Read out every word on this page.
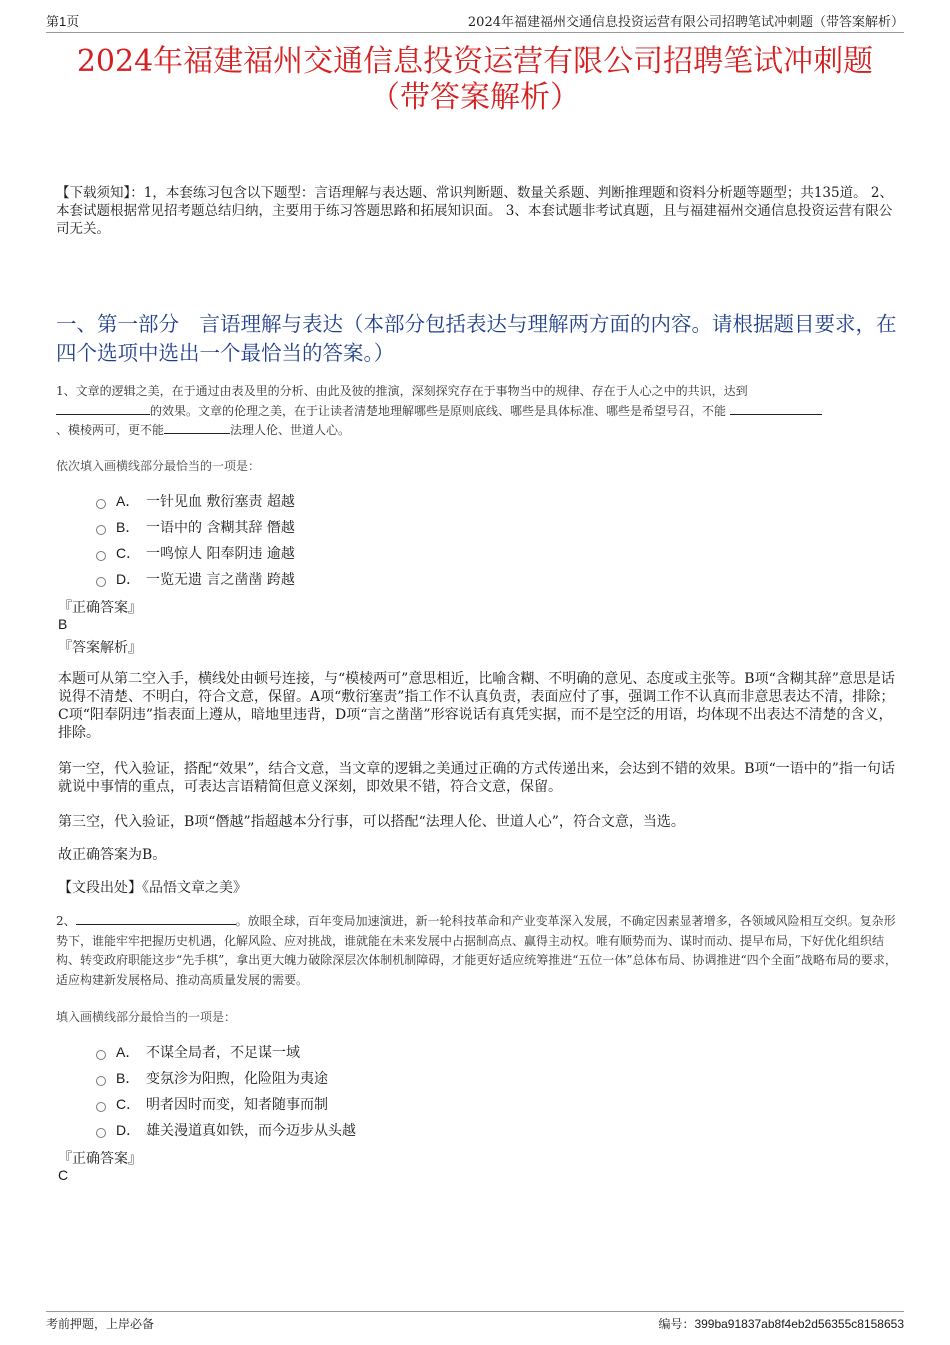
第1页	2024年福建福州交通信息投资运营有限公司招聘笔试冲刺题（带答案解析）
2024年福建福州交通信息投资运营有限公司招聘笔试冲刺题
（带答案解析）
【下载须知】：1，本套练习包含以下题型：言语理解与表达题、常识判断题、数量关系题、判断推理题和资料分析题等题型；共135道。 2、本套试题根据常见招考题总结归纳，主要用于练习答题思路和拓展知识面。 3、本套试题非考试真题，且与福建福州交通信息投资运营有限公司无关。
一、第一部分　言语理解与表达（本部分包括表达与理解两方面的内容。请根据题目要求，在四个选项中选出一个最恰当的答案。）
1、文章的逻辑之美，在于通过由表及里的分析、由此及彼的推演，深刻探究存在于事物当中的规律、存在于人心之中的共识，达到
的效果。文章的伦理之美，在于让读者清楚地理解哪些是原则底线、哪些是具体标准、哪些是希望号召，不能
、模棱两可，更不能	法理人伦、世道人心。
依次填入画横线部分最恰当的一项是：
A． 一针见血 敷衍塞责 超越
B． 一语中的 含糊其辞 僭越
C． 一鸣惊人 阳奉阴违 逾越
D． 一览无遗 言之凿凿 跨越
『正确答案』
B
『答案解析』
本题可从第二空入手，横线处由顿号连接，与“模棱两可”意思相近，比喻含糊、不明确的意见、态度或主张等。B项“含糊其辞”意思是话说得不清楚、不明白，符合文意，保留。A项“敷衍塞责”指工作不认真负责，表面应付了事，强调工作不认真而非意思表达不清，排除；C项“阳奉阴违”指表面上遵从，暗地里违背，D项“言之凿凿”形容说话有真凭实据，而不是空泛的用语，均体现不出表达不清楚的含义，排除。
第一空，代入验证，搭配“效果”，结合文意，当文章的逻辑之美通过正确的方式传递出来，会达到不错的效果。B项“一语中的”指一句话就说中事情的重点，可表达言语精简但意义深刻，即效果不错，符合文意，保留。
第三空，代入验证，B项“僭越”指超越本分行事，可以搭配“法理人伦、世道人心”，符合文意，当选。
故正确答案为B。
【文段出处】《品悟文章之美》
2、	。放眼全球，百年变局加速演进，新一轮科技革命和产业变革深入发展，不确定因素显著增多，各领域风险相互交织。复杂形势下，谁能牢牢把握历史机遇，化解风险、应对挑战，谁就能在未来发展中占据制高点、赢得主动权。唯有顺势而为、谋时而动、提早布局，下好优化组织结构、转变政府职能这步“先手棋”，拿出更大魄力破除深层次体制机制障碍，才能更好适应统筹推进“五位一体”总体布局、协调推进“四个全面”战略布局的要求，适应构建新发展格局、推动高质量发展的需要。
填入画横线部分最恰当的一项是：
A． 不谋全局者，不足谋一域
B． 变氛沴为阳煦，化险阻为夷途
C． 明者因时而变，知者随事而制
D． 雄关漫道真如铁，而今迈步从头越
『正确答案』
C
考前押题，上岸必备	编号：399ba91837ab8f4eb2d56355c8158653
